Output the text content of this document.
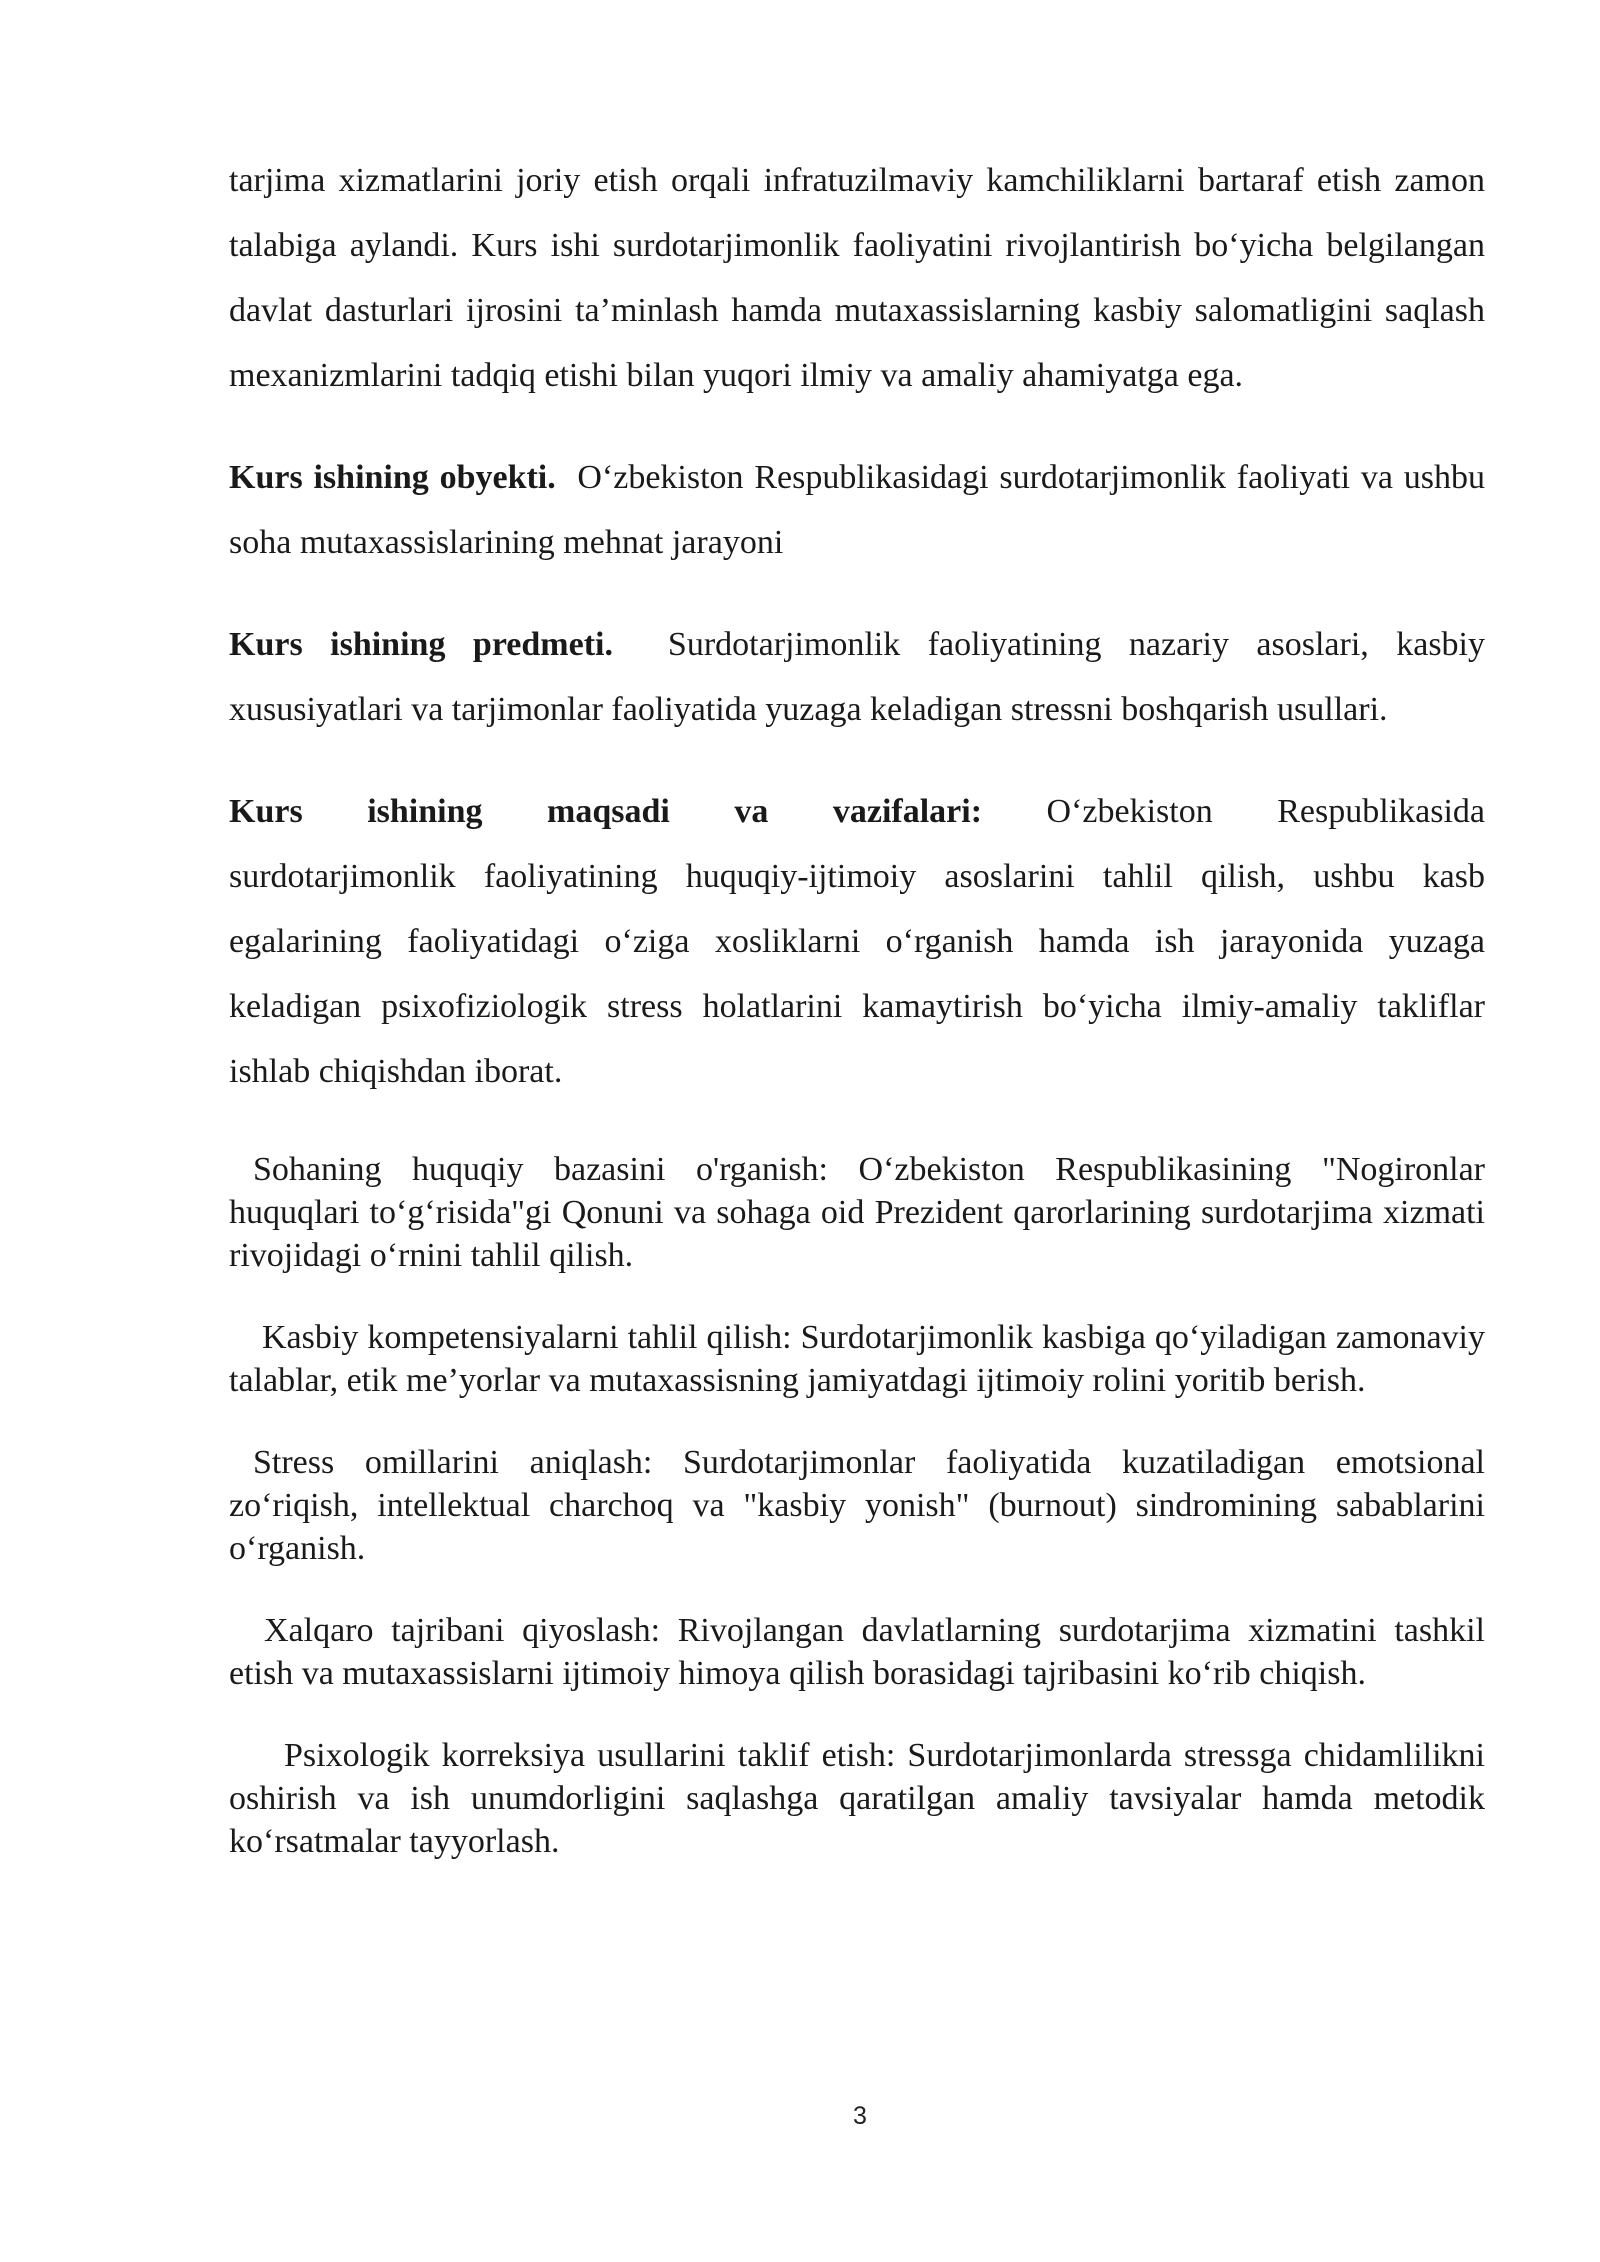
tarjima xizmatlarini joriy etish orqali infratuzilmaviy kamchiliklarni bartaraf etish zamon talabiga aylandi. Kurs ishi surdotarjimonlik faoliyatini rivojlantirish bo‘yicha belgilangan davlat dasturlari ijrosini ta’minlash hamda mutaxassislarning kasbiy salomatligini saqlash mexanizmlarini tadqiq etishi bilan yuqori ilmiy va amaliy ahamiyatga ega.

Kurs ishining obyekti. O‘zbekiston Respublikasidagi surdotarjimonlik faoliyati va ushbu soha mutaxassislarining mehnat jarayoni

Kurs ishining predmeti. Surdotarjimonlik faoliyatining nazariy asoslari, kasbiy xususiyatlari va tarjimonlar faoliyatida yuzaga keladigan stressni boshqarish usullari.

Kurs ishining maqsadi va vazifalari: O‘zbekiston Respublikasida

surdotarjimonlik faoliyatining huquqiy-ijtimoiy asoslarini tahlil qilish, ushbu kasb egalarining faoliyatidagi o‘ziga xosliklarni o‘rganish hamda ish jarayonida yuzaga keladigan psixofiziologik stress holatlarini kamaytirish bo‘yicha ilmiy-amaliy takliflar ishlab chiqishdan iborat.

Sohaning huquqiy bazasini o'rganish: O‘zbekiston Respublikasining "Nogironlar huquqlari to‘g‘risida"gi Qonuni va sohaga oid Prezident qarorlarining surdotarjima xizmati rivojidagi o‘rnini tahlil qilish.

Kasbiy kompetensiyalarni tahlil qilish: Surdotarjimonlik kasbiga qo‘yiladigan zamonaviy talablar, etik me’yorlar va mutaxassisning jamiyatdagi ijtimoiy rolini yoritib berish.

Stress omillarini aniqlash: Surdotarjimonlar faoliyatida kuzatiladigan emotsional zo‘riqish, intellektual charchoq va "kasbiy yonish" (burnout) sindromining sabablarini o‘rganish.

Xalqaro tajribani qiyoslash: Rivojlangan davlatlarning surdotarjima xizmatini tashkil etish va mutaxassislarni ijtimoiy himoya qilish borasidagi tajribasini ko‘rib chiqish.

Psixologik korreksiya usullarini taklif etish: Surdotarjimonlarda stressga chidamlilikni oshirish va ish unumdorligini saqlashga qaratilgan amaliy tavsiyalar hamda metodik ko‘rsatmalar tayyorlash.

3
